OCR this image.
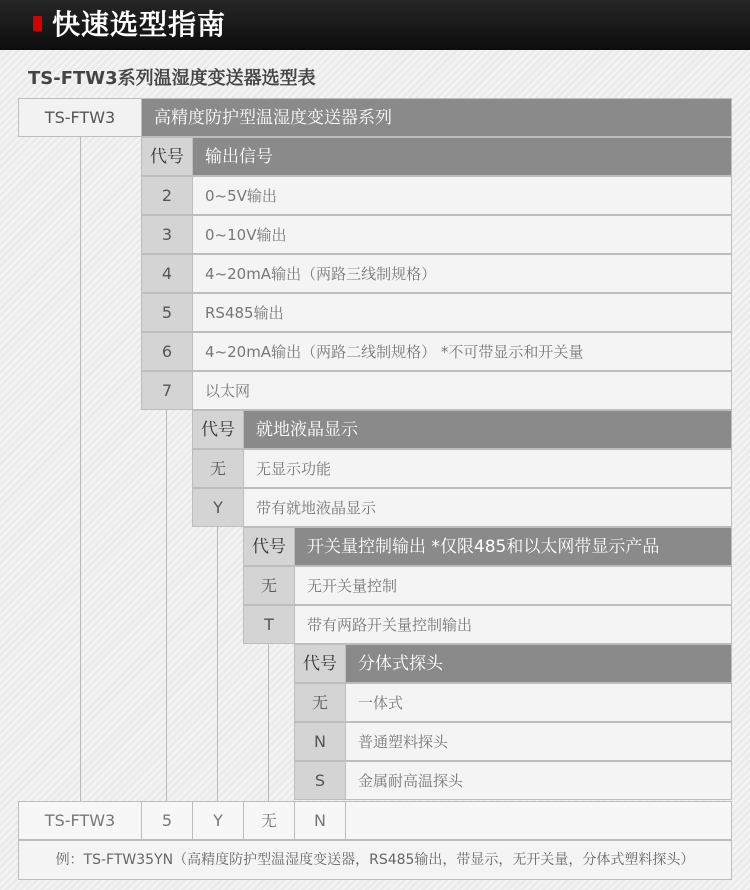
快速选型指南
TS-FTW3系列温湿度变送器选型表
TS-FTW3	高精度防护型温湿度变送器系列
代号	输出信号
2	0~5V输出
3	0~10V输出
4	4~20mA输出（两路三线制规格）
5	RS485输出
6	4~20mA输出（两路二线制规格） *不可带显示和开关量
7	以太网
代号	就地液晶显示
无	无显示功能
Y	带有就地液晶显示
代号	开关量控制输出 *仅限485和以太网带显示产品
无	无开关量控制
T	带有两路开关量控制输出
代号	分体式探头
无	一体式
N	普通塑料探头
S	金属耐高温探头
TS-FTW3	5	Y	无	N
例：TS-FTW35YN（高精度防护型温湿度变送器，RS485输出，带显示，无开关量，分体式塑料探头）
